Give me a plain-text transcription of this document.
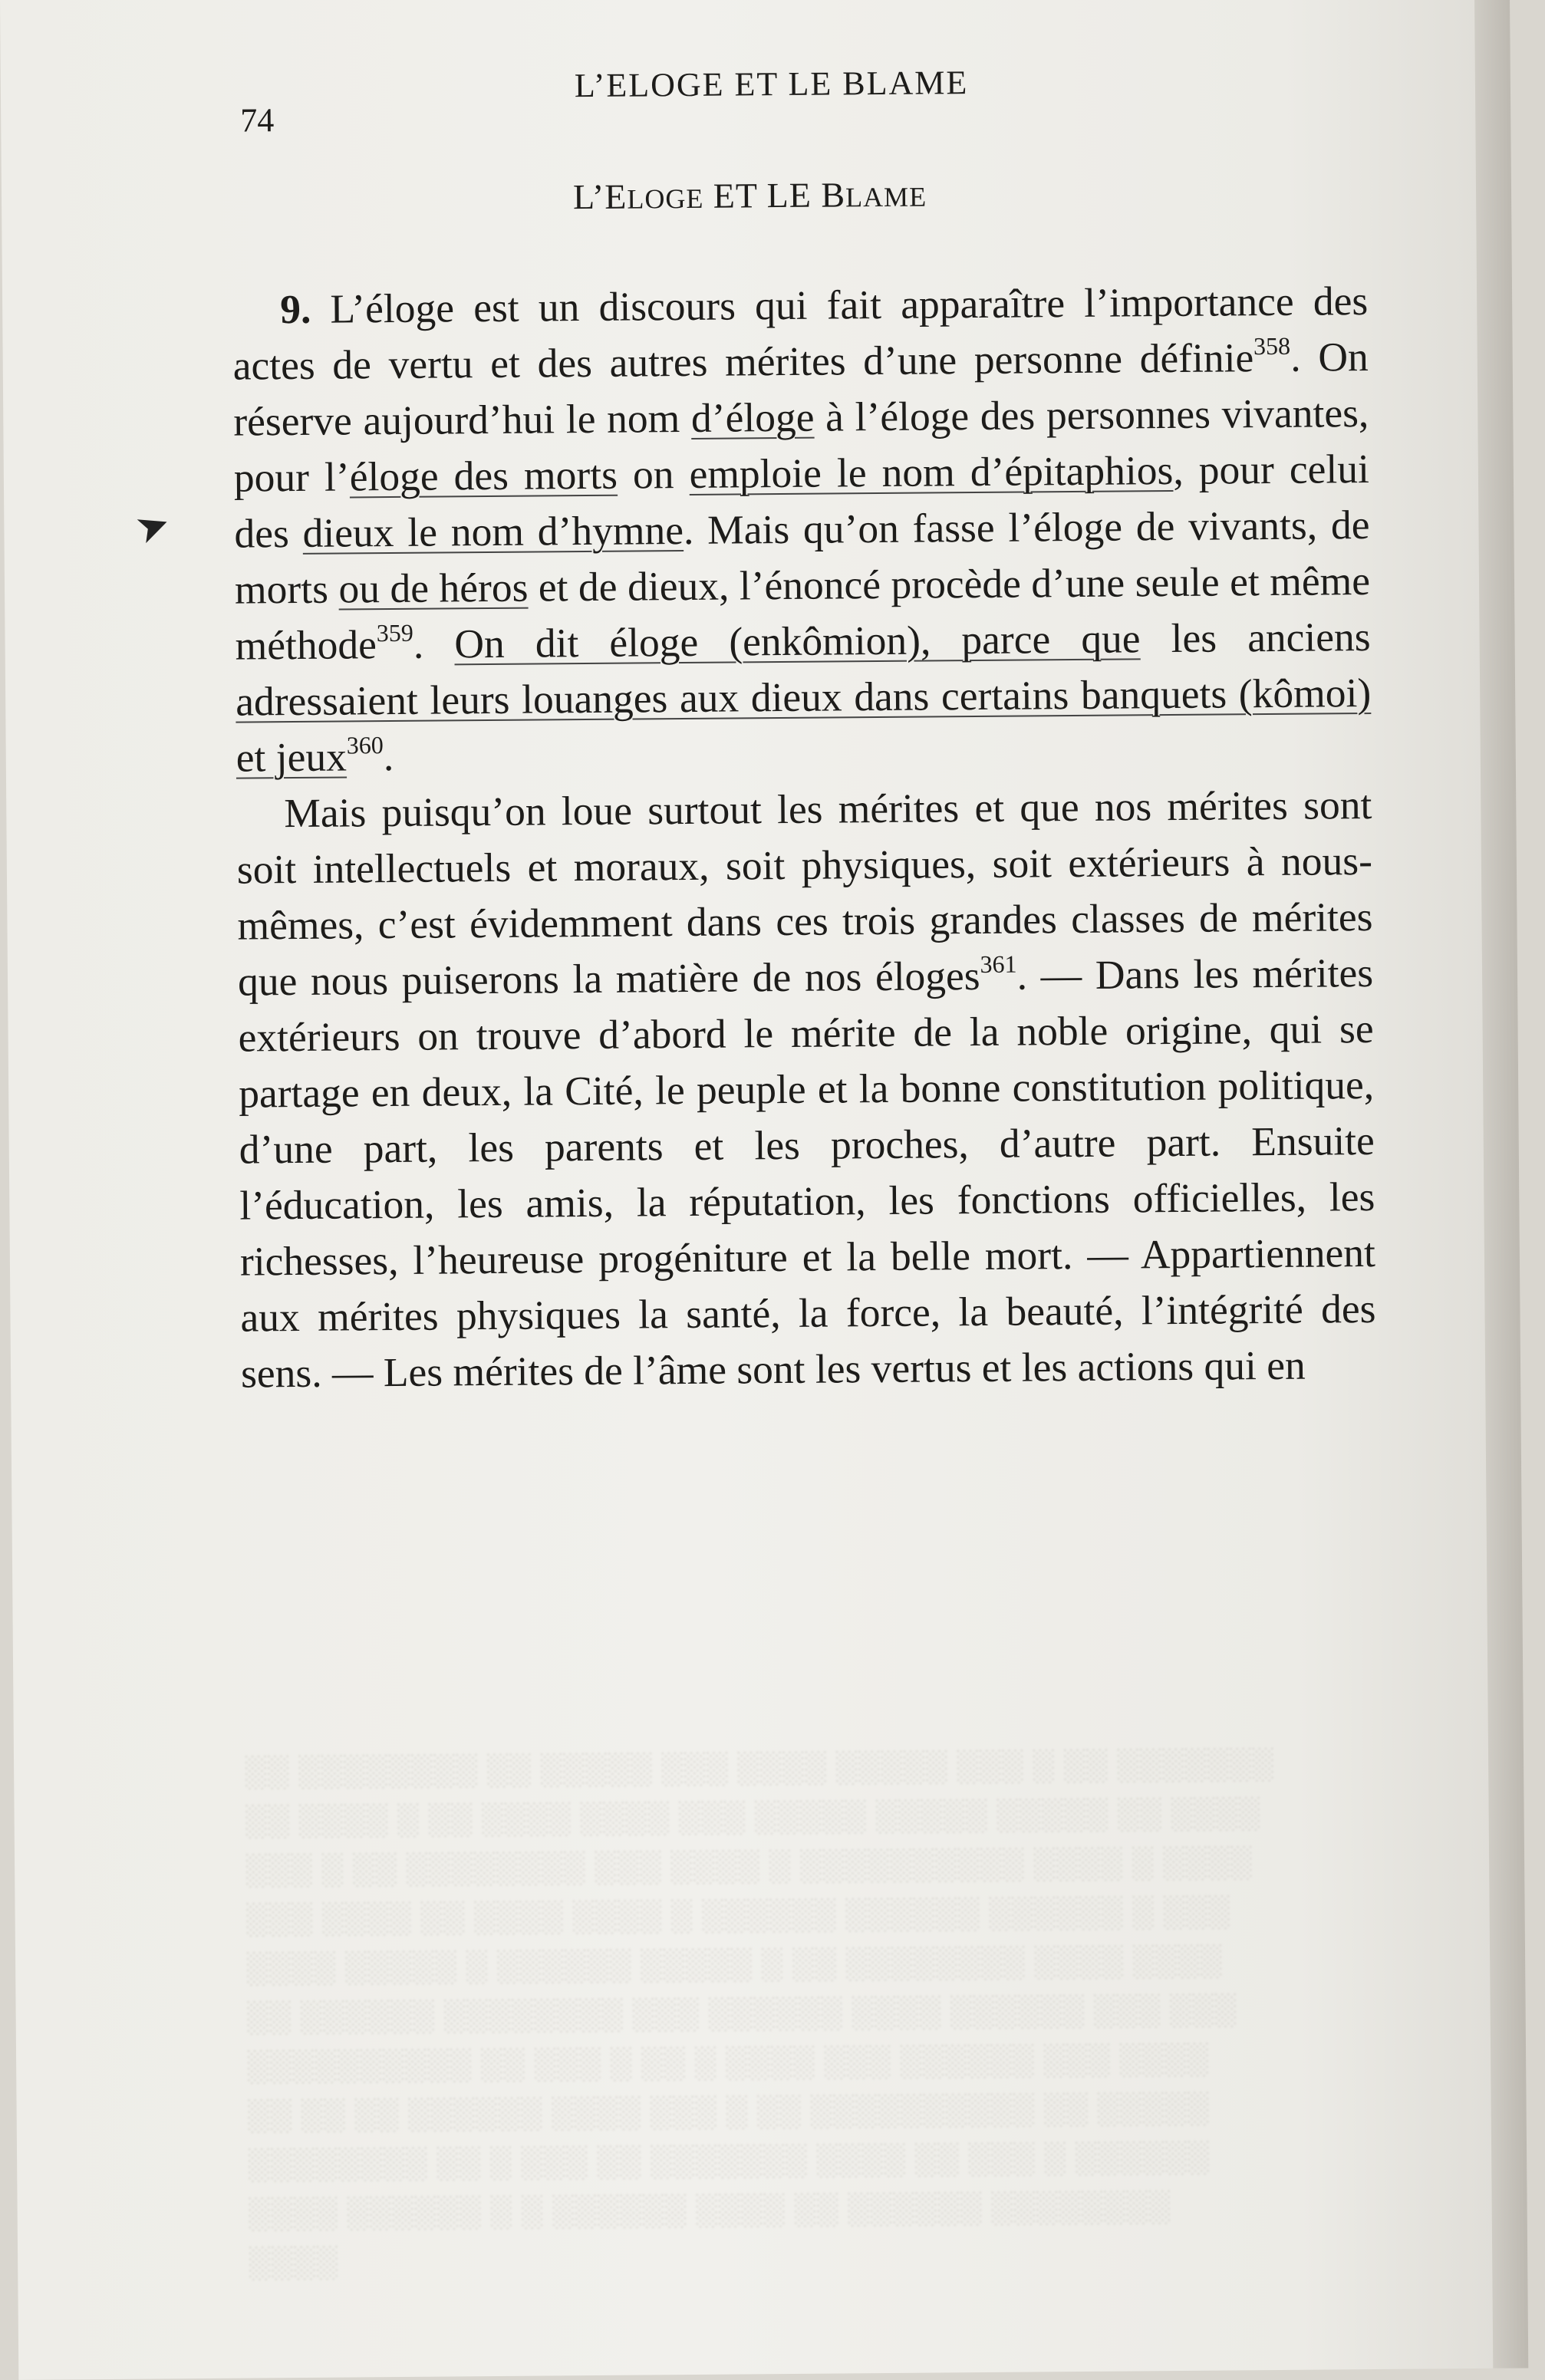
░░ ░░░░░░░░ ░░ ░░░░░ ░░░ ░░░░ ░░░░░ ░░░ ░ ░░ ░░░░░░░
░░ ░░░░ ░ ░░ ░░░░ ░░░░ ░░░ ░░░░░ ░░░░░ ░░░░░ ░░ ░░░░
░░░ ░ ░░ ░░░░░░░░ ░░░ ░░░░ ░ ░░░░░░░░░░ ░░░░ ░ ░░░░
░░░ ░░░░ ░░ ░░░░ ░░░░ ░ ░░░░░░ ░░░░░░ ░░░░░░ ░ ░░░
░░░░ ░░░░░ ░ ░░░░░░ ░░░░░ ░ ░░ ░░░░░░░░ ░░░░ ░░░░
░░ ░░░░░░ ░░░░░░░░ ░░░ ░░░░░░ ░░░░ ░░░░░░ ░░░ ░░░
░░░░░░░░░░ ░░ ░░░ ░ ░░ ░ ░░░░ ░░░ ░░░░░░ ░░░ ░░░░
░░ ░░ ░░ ░░░░░░ ░░░░ ░░░ ░ ░░ ░░░░░░░░░░ ░░ ░░░░░
░░░░░░░░ ░░ ░ ░░░ ░░ ░░░░░░░ ░░░░ ░░ ░░░ ░ ░░░░░░
░░░░ ░░░░░░ ░ ░ ░░░░░░ ░░░░ ░░ ░░░░░░ ░░░░░░░░
░░░░
74
L’ELOGE ET LE BLAME
L’ELOGE ET LE BLAME
➤

9. L’éloge est un discours qui fait apparaître l’importance des actes de vertu et des autres mérites d’une personne définie$^{358}$. On réserve aujourd’hui le nom d’éloge à l’éloge des personnes vivantes, pour l’éloge des morts on emploie le nom d’épitaphios, pour celui des dieux le nom d’hymne. Mais qu’on fasse l’éloge de vivants, de morts ou de héros et de dieux, l’énoncé procède d’une seule et même méthode$^{359}$. On dit éloge (enkômion), parce que les anciens adressaient leurs louanges aux dieux dans certains banquets (kômoi) et jeux$^{360}$.

Mais puisqu’on loue surtout les mérites et que nos mérites sont soit intellectuels et moraux, soit physiques, soit extérieurs à nous-mêmes, c’est évidemment dans ces trois grandes classes de mérites que nous puiserons la matière de nos éloges$^{361}$. — Dans les mérites extérieurs on trouve d’abord le mérite de la noble origine, qui se partage en deux, la Cité, le peuple et la bonne constitution politique, d’une part, les parents et les proches, d’autre part. Ensuite l’éducation, les amis, la réputation, les fonctions officielles, les richesses, l’heureuse progéniture et la belle mort. — Appartiennent aux mérites physiques la santé, la force, la beauté, l’intégrité des sens. — Les mérites de l’âme sont les vertus et les actions qui en
